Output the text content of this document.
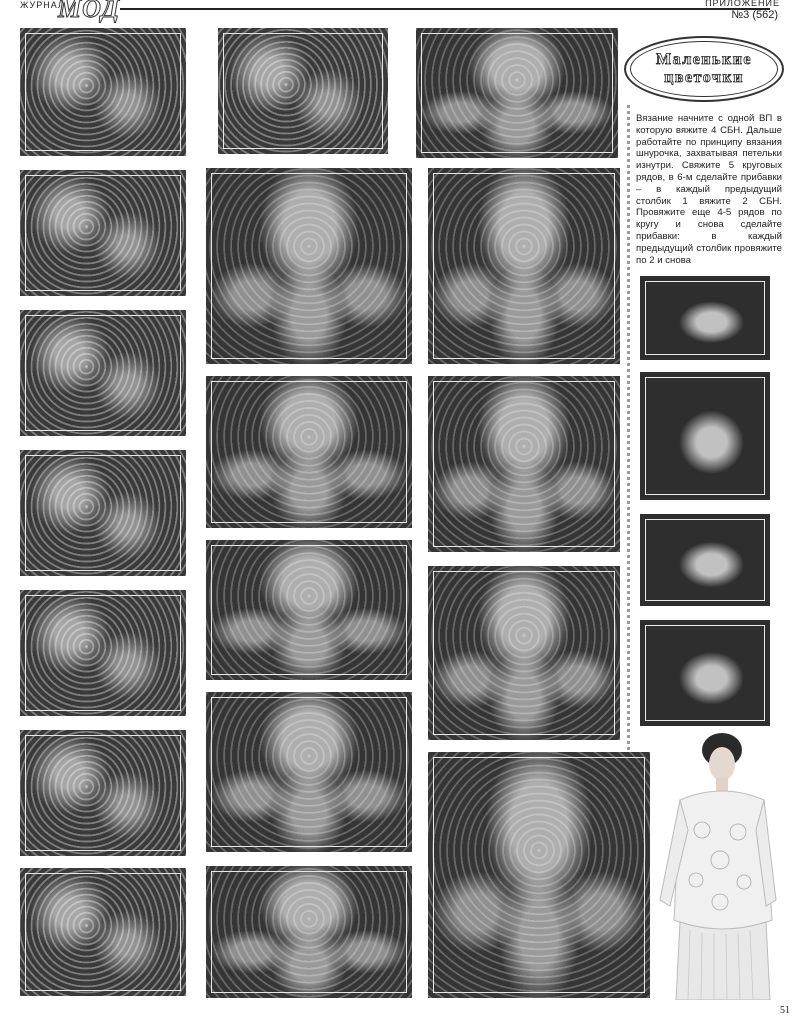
ЖУРНАЛ
МОД	ПРИЛОЖЕНИЕ
№3 (562)
Маленькие цветочки
Вязание начните с одной ВП в которую вяжите 4 СБН. Дальше работайте по принципу вязания шнурочка, захватывая петельки изнутри. Свяжите 5 круговых рядов, в 6-м сделайте прибавки – в каждый предыдущий столбик 1 вяжите 2 СБН. Провяжите еще 4-5 рядов по кругу и снова сделайте прибавки: в каждый предыдущий столбик провяжите по 2 и снова
51
